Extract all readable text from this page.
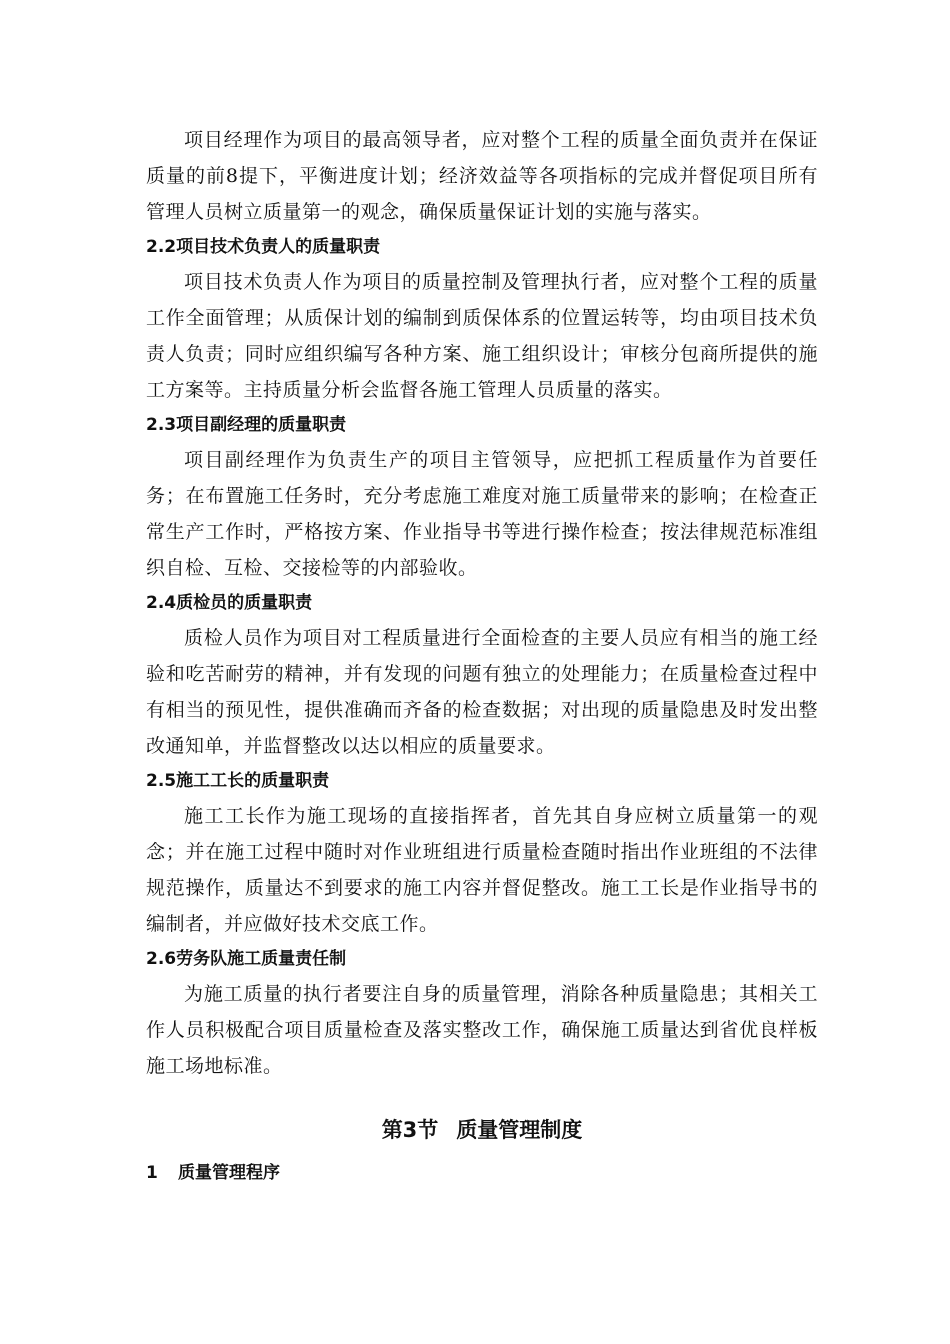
项目经理作为项目的最高领导者，应对整个工程的质量全面负责并在保证质量的前8提下，平衡进度计划；经济效益等各项指标的完成并督促项目所有管理人员树立质量第一的观念，确保质量保证计划的实施与落实。

2.2项目技术负责人的质量职责

项目技术负责人作为项目的质量控制及管理执行者，应对整个工程的质量工作全面管理；从质保计划的编制到质保体系的位置运转等，均由项目技术负责人负责；同时应组织编写各种方案、施工组织设计；审核分包商所提供的施工方案等。主持质量分析会监督各施工管理人员质量的落实。

2.3项目副经理的质量职责

项目副经理作为负责生产的项目主管领导，应把抓工程质量作为首要任务；在布置施工任务时，充分考虑施工难度对施工质量带来的影响；在检查正常生产工作时，严格按方案、作业指导书等进行操作检查；按法律规范标准组织自检、互检、交接检等的内部验收。

2.4质检员的质量职责

质检人员作为项目对工程质量进行全面检查的主要人员应有相当的施工经验和吃苦耐劳的精神，并有发现的问题有独立的处理能力；在质量检查过程中有相当的预见性，提供准确而齐备的检查数据；对出现的质量隐患及时发出整改通知单，并监督整改以达以相应的质量要求。

2.5施工工长的质量职责

施工工长作为施工现场的直接指挥者，首先其自身应树立质量第一的观念；并在施工过程中随时对作业班组进行质量检查随时指出作业班组的不法律规范操作，质量达不到要求的施工内容并督促整改。施工工长是作业指导书的编制者，并应做好技术交底工作。

2.6劳务队施工质量责任制

为施工质量的执行者要注自身的质量管理，消除各种质量隐患；其相关工作人员积极配合项目质量检查及落实整改工作，确保施工质量达到省优良样板施工场地标准。

第3节 质量管理制度

1 质量管理程序
